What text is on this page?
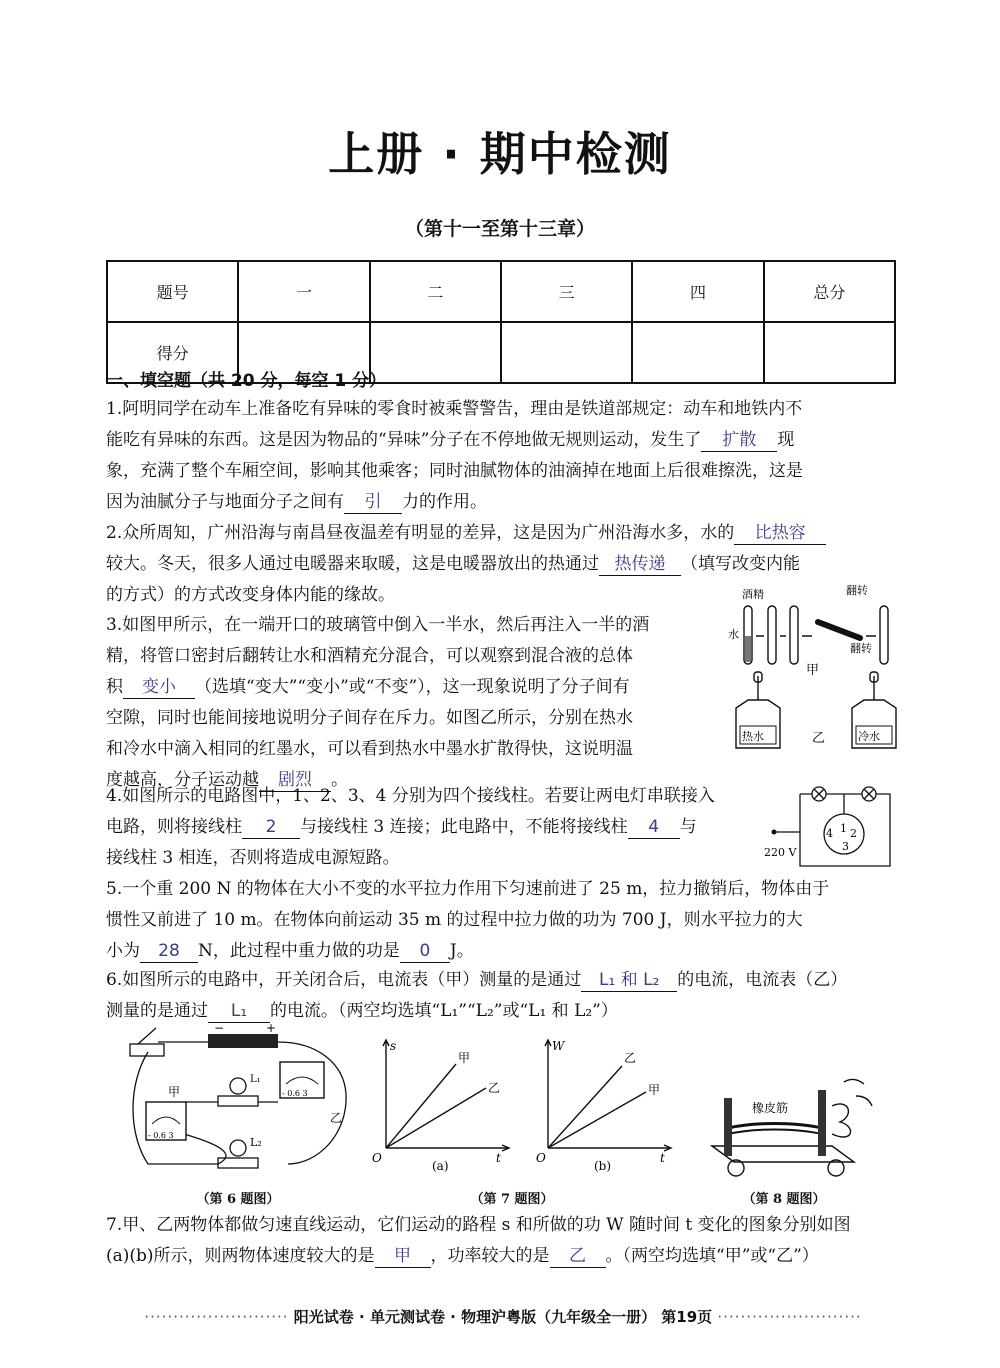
上册 · 期中检测
（第十一至第十三章）
题号	一	二	三	四	总分
得分					
一、填空题（共 20 分，每空 1 分）

1.阿明同学在动车上准备吃有异味的零食时被乘警警告，理由是铁道部规定：动车和地铁内不

能吃有异味的东西。这是因为物品的“异味”分子在不停地做无规则运动，发生了 扩散 现

象，充满了整个车厢空间，影响其他乘客；同时油腻物体的油滴掉在地面上后很难擦洗，这是

因为油腻分子与地面分子之间有 引 力的作用。

2.众所周知，广州沿海与南昌昼夜温差有明显的差异，这是因为广州沿海水多，水的 比热容

较大。冬天，很多人通过电暖器来取暖，这是电暖器放出的热通过 热传递 （填写改变内能

的方式）的方式改变身体内能的缘故。

3.如图甲所示，在一端开口的玻璃管中倒入一半水，然后再注入一半的酒

精，将管口密封后翻转让水和酒精充分混合，可以观察到混合液的总体

积 变小 （选填“变大”“变小”或“不变”），这一现象说明了分子间有

空隙，同时也能间接地说明分子间存在斥力。如图乙所示，分别在热水

和冷水中滴入相同的红墨水，可以看到热水中墨水扩散得快，这说明温

度越高，分子运动越 剧烈 。

酒精
水
翻转
翻转
甲
热水	冷水
乙

4.如图所示的电路图中，1、2、3、4 分别为四个接线柱。若要让两电灯串联接入

电路，则将接线柱 2 与接线柱 3 连接；此电路中，不能将接线柱 4 与

接线柱 3 相连，否则将造成电源短路。

4 1 2
3
220 V

5.一个重 200 N 的物体在大小不变的水平拉力作用下匀速前进了 25 m，拉力撤销后，物体由于

惯性又前进了 10 m。在物体向前运动 35 m 的过程中拉力做的功为 700 J，则水平拉力的大

小为 28 N，此过程中重力做的功是 0 J。

6.如图所示的电路中，开关闭合后，电流表（甲）测量的是通过 L₁ 和 L₂ 的电流，电流表（乙）

测量的是通过 L₁ 的电流。（两空均选填“L₁”“L₂”或“L₁ 和 L₂”）

−	+
- 0.6 3
甲	- 0.6 3
乙
L₁
L₂
（第 6 题图）
s
O	t
甲
乙
(a)
W
O	t
乙
甲
(b)
（第 7 题图）
橡皮筋
（第 8 题图）

7.甲、乙两物体都做匀速直线运动，它们运动的路程 s 和所做的功 W 随时间 t 变化的图象分别如图

(a)(b)所示，则两物体速度较大的是 甲 ，功率较大的是 乙 。（两空均选填“甲”或“乙”）

························· 阳光试卷 · 单元测试卷 · 物理沪粤版（九年级全一册） 第19页 ·························
